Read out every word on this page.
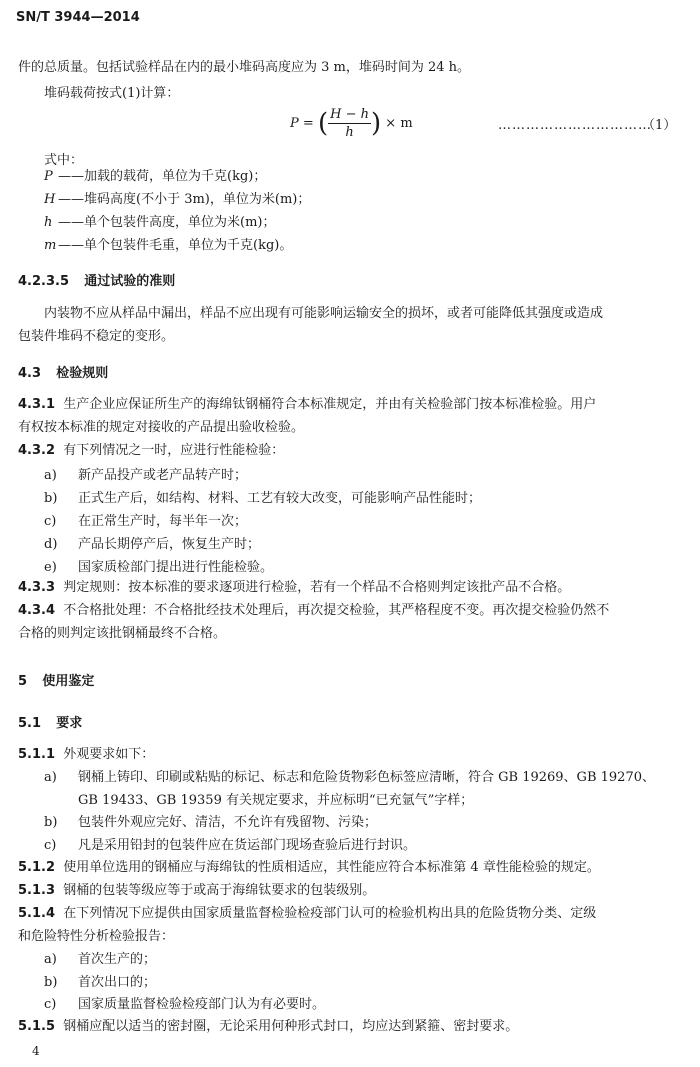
SN/T 3944—2014
件的总质量。包括试验样品在内的最小堆码高度应为 3 m，堆码时间为 24 h。
堆码载荷按式(1)计算：
P = ( $\frac{H - h}{h}$ ) × m	……………………………
（1）
式中：
P ——加载的载荷，单位为千克(kg)；
H ——堆码高度(不小于 3m)，单位为米(m)；
h ——单个包装件高度，单位为米(m)；
m ——单个包装件毛重，单位为千克(kg)。
4.2.3.5 通过试验的准则
内装物不应从样品中漏出，样品不应出现有可能影响运输安全的损坏，或者可能降低其强度或造成
包装件堆码不稳定的变形。
4.3 检验规则
4.3.1 生产企业应保证所生产的海绵钛钢桶符合本标准规定，并由有关检验部门按本标准检验。用户
有权按本标准的规定对接收的产品提出验收检验。
4.3.2 有下列情况之一时，应进行性能检验：
a) 新产品投产或老产品转产时；
b) 正式生产后，如结构、材料、工艺有较大改变，可能影响产品性能时；
c) 在正常生产时，每半年一次；
d) 产品长期停产后，恢复生产时；
e) 国家质检部门提出进行性能检验。
4.3.3 判定规则：按本标准的要求逐项进行检验，若有一个样品不合格则判定该批产品不合格。
4.3.4 不合格批处理：不合格批经技术处理后，再次提交检验，其严格程度不变。再次提交检验仍然不
合格的则判定该批钢桶最终不合格。
5 使用鉴定
5.1 要求
5.1.1 外观要求如下：
a) 钢桶上铸印、印刷或粘贴的标记、标志和危险货物彩色标签应清晰，符合 GB 19269、GB 19270、
GB 19433、GB 19359 有关规定要求，并应标明“已充氩气”字样；
b) 包装件外观应完好、清洁，不允许有残留物、污染；
c) 凡是采用铅封的包装件应在货运部门现场查验后进行封识。
5.1.2 使用单位选用的钢桶应与海绵钛的性质相适应，其性能应符合本标准第 4 章性能检验的规定。
5.1.3 钢桶的包装等级应等于或高于海绵钛要求的包装级别。
5.1.4 在下列情况下应提供由国家质量监督检验检疫部门认可的检验机构出具的危险货物分类、定级
和危险特性分析检验报告：
a) 首次生产的；
b) 首次出口的；
c) 国家质量监督检验检疫部门认为有必要时。
5.1.5 钢桶应配以适当的密封圈，无论采用何种形式封口，均应达到紧箍、密封要求。
4
